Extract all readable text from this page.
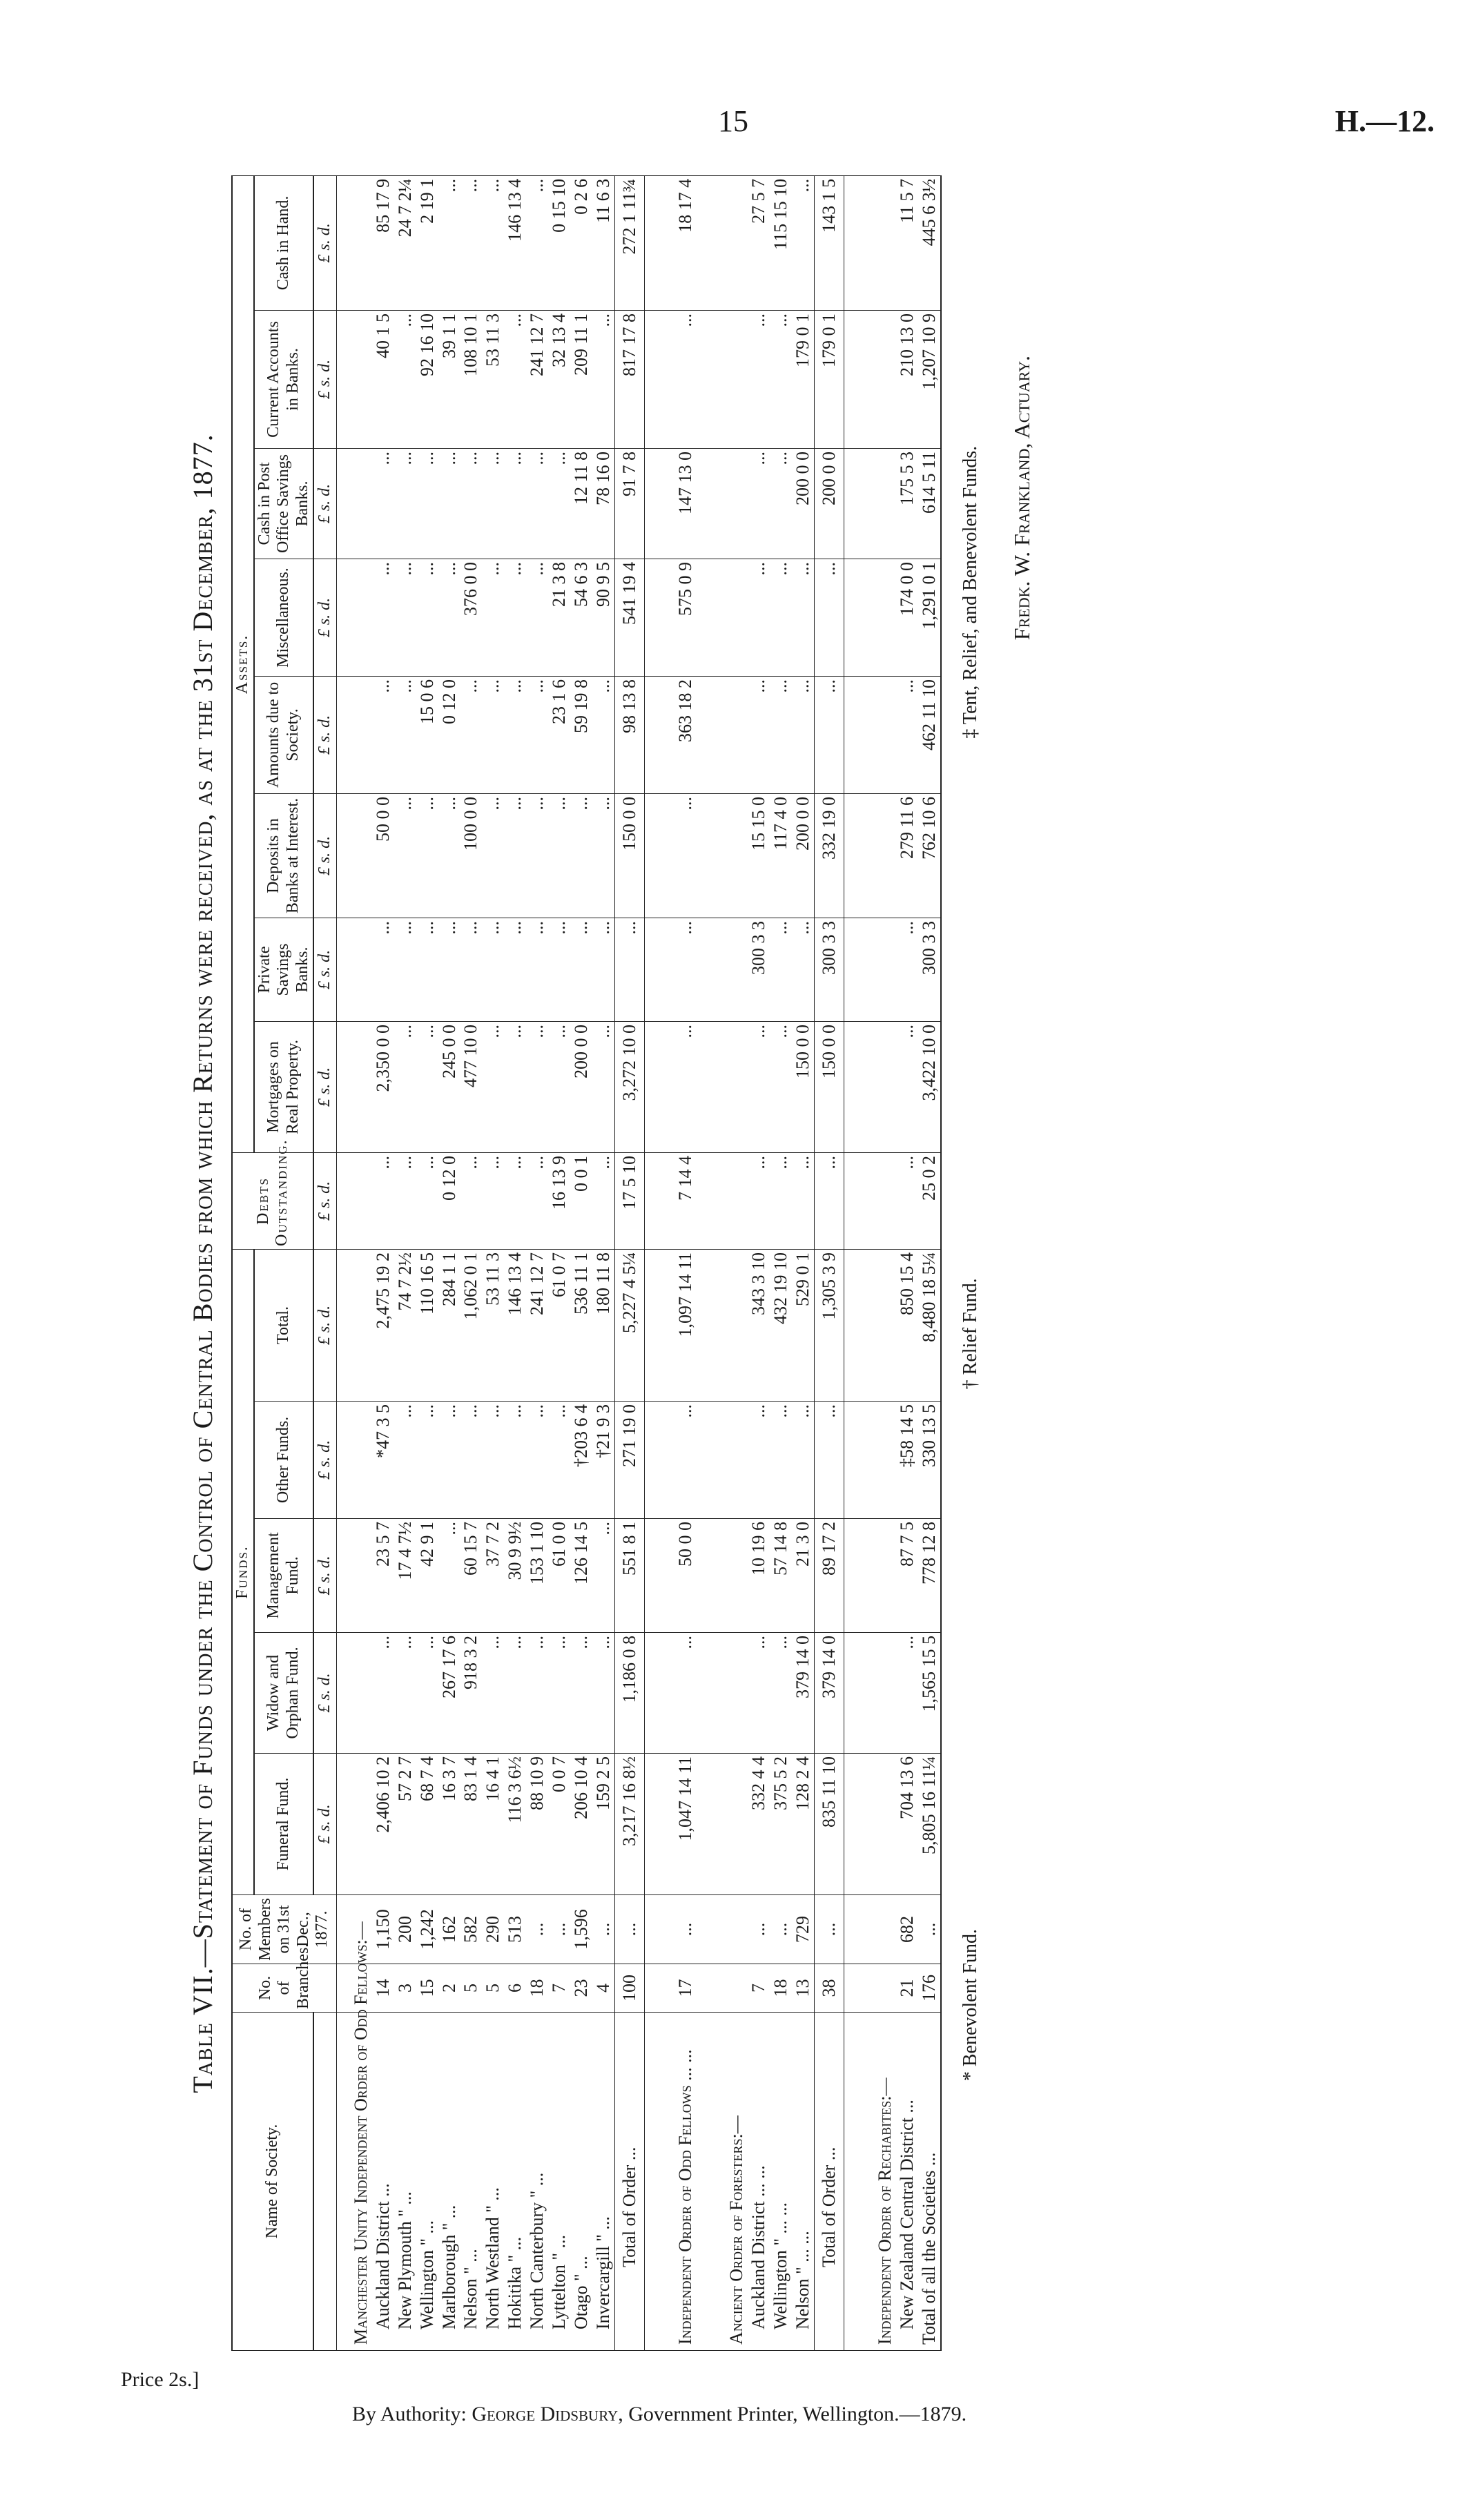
15	H.—12.
Table VII.—Statement of Funds under the Control of Central Bodies from which Returns were received, as at the 31st December, 1877.
Name of Society.	No. of Branches.	No. of Members on 31st Dec., 1877.	Funds.					Debts Outstanding.	Assets.							
			Funeral Fund.	Widow and Orphan Fund.	Management Fund.	Other Funds.	Total.		Mortgages on Real Property.	Private Savings Banks.	Deposits in Banks at Interest.	Amounts due to Society.	Miscellaneous.	Cash in Post Office Savings Banks.	Current Accounts in Banks.	Cash in Hand.
			£ s. d.	£ s. d.	£ s. d.	£ s. d.	£ s. d.	£ s. d.	£ s. d.	£ s. d.	£ s. d.	£ s. d.	£ s. d.	£ s. d.	£ s. d.	£ s. d.
Manchester Unity Independent Order of Odd Fellows:—																
Auckland District ...	14	1,150	2,406 10 2	...	23 5 7	*47 3 5	2,475 19 2	...	2,350 0 0	...	50 0 0	...	...	...	40 1 5	85 17 9
New Plymouth " ...	3	200	57 2 7	...	17 4 7½	...	74 7 2½	...	...	...	...	...	...	...	...	24 7 2¼
Wellington " ...	15	1,242	68 7 4	...	42 9 1	...	110 16 5	...	...	...	...	15 0 6	...	...	92 16 10	2 19 1
Marlborough " ...	2	162	16 3 7	267 17 6	...	...	284 1 1	0 12 0	245 0 0	...	...	0 12 0	...	...	39 1 1	...
Nelson " ...	5	582	83 1 4	918 3 2	60 15 7	...	1,062 0 1	...	477 10 0	...	100 0 0	...	376 0 0	...	108 10 1	...
North Westland " ...	5	290	16 4 1	...	37 7 2	...	53 11 3	...	...	...	...	...	...	...	53 11 3	...
Hokitika " ...	6	513	116 3 6½	...	30 9 9½	...	146 13 4	...	...	...	...	...	...	...	...	146 13 4
North Canterbury " ...	18	...	88 10 9	...	153 1 10	...	241 12 7	...	...	...	...	...	...	...	241 12 7	...
Lyttelton " ...	7	...	0 0 7	...	61 0 0	...	61 0 7	16 13 9	...	...	...	23 1 6	21 3 8	...	32 13 4	0 15 10
Otago " ...	23	1,596	206 10 4	...	126 14 5	†203 6 4	536 11 1	0 0 1	200 0 0	...	...	59 19 8	54 6 3	12 11 8	209 11 1	0 2 6
Invercargill " ...	4	...	159 2 5	...	...	†21 9 3	180 11 8	...	...	...	...	...	90 9 5	78 16 0	...	11 6 3
Total of Order ...	100	...	3,217 16 8½	1,186 0 8	551 8 1	271 19 0	5,227 4 5¼	17 5 10	3,272 10 0	...	150 0 0	98 13 8	541 19 4	91 7 8	817 17 8	272 1 11¾

Independent Order of Odd Fellows ... ...	17	...	1,047 14 11	...	50 0 0	...	1,097 14 11	7 14 4	...	...	...	363 18 2	575 0 9	147 13 0	...	18 17 4

Ancient Order of Foresters:—																
Auckland District ... ...	7	...	332 4 4	...	10 19 6	...	343 3 10	...	...	300 3 3	15 15 0	...	...	...	...	27 5 7
Wellington " ... ...	18	...	375 5 2	...	57 14 8	...	432 19 10	...	...	...	117 4 0	...	...	...	...	115 15 10
Nelson " ... ...	13	729	128 2 4	379 14 0	21 3 0	...	529 0 1	...	150 0 0	...	200 0 0	...	...	200 0 0	179 0 1	...
Total of Order ...	38	...	835 11 10	379 14 0	89 17 2	...	1,305 3 9	...	150 0 0	300 3 3	332 19 0	...	...	200 0 0	179 0 1	143 1 5

Independent Order of Rechabites:—																
New Zealand Central District ...	21	682	704 13 6	...	87 7 5	‡58 14 5	850 15 4	...	...	...	279 11 6	...	174 0 0	175 5 3	210 13 0	11 5 7
Total of all the Societies ...	176	...	5,805 16 11¼	1,565 15 5	778 12 8	330 13 5	8,480 18 5¼	25 0 2	3,422 10 0	300 3 3	762 10 6	462 11 10	1,291 0 1	614 5 11	1,207 10 9	445 6 3½
* Benevolent Fund.
† Relief Fund.
‡ Tent, Relief, and Benevolent Funds. Fredk. W. Frankland, Actuary.
Price 2s.]
By Authority: George Didsbury, Government Printer, Wellington.—1879.
